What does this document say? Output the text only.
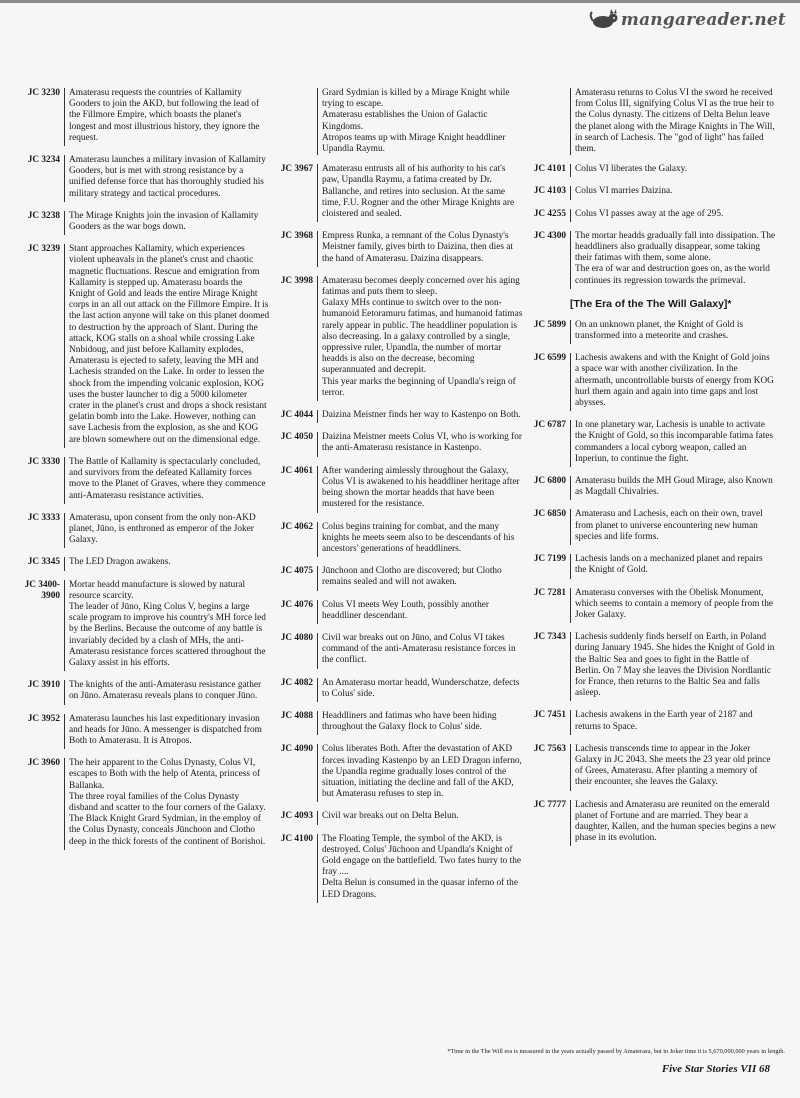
mangareader.net
JC 3230 Amaterasu requests the countries of Kallamity Gooders to join the AKD, but following the lead of the Fillmore Empire, which boasts the planet's longest and most illustrious history, they ignore the request.
JC 3234 Amaterasu launches a military invasion of Kallamity Gooders, but is met with strong resistance by a unified defense force that has thoroughly studied his military strategy and tactical procedures.
JC 3238 The Mirage Knights join the invasion of Kallamity Gooders as the war bogs down.
JC 3239 Stant approaches Kallamity, which experiences violent upheavals in the planet's crust and chaotic magnetic fluctuations. Rescue and emigration from Kallamity is stepped up. Amaterasu boards the Knight of Gold and leads the entire Mirage Knight corps in an all out attack on the Fillmore Empire. It is the last action anyone will take on this planet doomed to destruction by the approach of Slant. During the attack, KOG stalls on a shoal while crossing Lake Nnbidoug, and just before Kallamity explodes, Amaterasu is ejected to safety, leaving the MH and Lachesis stranded on the Lake. In order to lessen the shock from the impending volcanic explosion, KOG uses the buster launcher to dig a 5000 kilometer crater in the planet's crust and drops a shock resistant gelatin bomb into the Lake. However, nothing can save Lachesis from the explosion, as she and KOG are blown somewhere out on the dimensional edge.
JC 3330 The Battle of Kallamity is spectacularly concluded, and survivors from the defeated Kallamity forces move to the Planet of Graves, where they commence anti-Amaterasu resistance activities.
JC 3333 Amaterasu, upon consent from the only non-AKD planet, Jūno, is enthroned as emperor of the Joker Galaxy.
JC 3345 The LED Dragon awakens.
JC 3400-
3900
Mortar headd manufacture is slowed by natural resource scarcity.
The leader of Jūno, King Colus V, begins a large scale program to improve his country's MH force led by the Berlins. Because the outcome of any battle is invariably decided by a clash of MHs, the anti-Amaterasu resistance forces scattered throughout the Galaxy assist in his efforts.
JC 3910 The knights of the anti-Amaterasu resistance gather on Jūno. Amaterasu reveals plans to conquer Jūno.
JC 3952 Amaterasu launches his last expeditionary invasion and heads for Jūno. A messenger is dispatched from Both to Amaterasu. It is Atropos.
JC 3960 The heir apparent to the Colus Dynasty, Colus VI, escapes to Both with the help of Atenta, princess of Ballanka.
The three royal families of the Colus Dynasty disband and scatter to the four corners of the Galaxy.
The Black Knight Grard Sydmian, in the employ of the Colus Dynasty, conceals Jūnchoon and Clotho deep in the thick forests of the continent of Borishoi.
Grard Sydmian is killed by a Mirage Knight while trying to escape.
Amaterasu establishes the Union of Galactic Kingdoms.
Atropos teams up with Mirage Knight headdliner Upandla Raymu.
JC 3967 Amaterasu entrusts all of his authority to his cat's paw, Upandla Raymu, a fatima created by Dr. Ballanche, and retires into seclusion. At the same time, F.U. Rogner and the other Mirage Knights are cloistered and sealed.
JC 3968 Empress Runka, a remnant of the Colus Dynasty's Meistner family, gives birth to Daizina, then dies at the hand of Amaterasu. Daizina disappears.
JC 3998 Amaterasu becomes deeply concerned over his aging fatimas and puts them to sleep.
Galaxy MHs continue to switch over to the non-humanoid Eetoramuru fatimas, and humanoid fatimas rarely appear in public. The headdliner population is also decreasing. In a galaxy controlled by a single, oppressive ruler, Upandla, the number of mortar headds is also on the decrease, becoming superannuated and decrepit.
This year marks the beginning of Upandla's reign of terror.
JC 4044 Daizina Meistner finds her way to Kastenpo on Both.
JC 4050 Daizina Meistner meets Colus VI, who is working for the anti-Amaterasu resistance in Kastenpo.
JC 4061 After wandering aimlessly throughout the Galaxy, Colus VI is awakened to his headdliner heritage after being shown the mortar headds that have been mustered for the resistance.
JC 4062 Colus begins training for combat, and the many knights he meets seem also to be descendants of his ancestors' generations of headdliners.
JC 4075 Jūnchoon and Clotho are discovered; but Clotho remains sealed and will not awaken.
JC 4076 Colus VI meets Wey Louth, possibly another headdliner descendant.
JC 4080 Civil war breaks out on Jūno, and Colus VI takes command of the anti-Amaterasu resistance forces in the conflict.
JC 4082 An Amaterasu mortar headd, Wunderschatze, defects to Colus' side.
JC 4088 Headdliners and fatimas who have been hiding throughout the Galaxy flock to Colus' side.
JC 4090 Colus liberates Both. After the devastation of AKD forces invading Kastenpo by an LED Dragon inferno, the Upandla regime gradually loses control of the situation, initiating the decline and fall of the AKD, but Amaterasu refuses to step in.
JC 4093 Civil war breaks out on Delta Belun.
JC 4100 The Floating Temple, the symbol of the AKD, is destroyed. Colus' Jūchoon and Upandla's Knight of Gold engage on the battlefield. Two fates hurry to the fray ....
Delta Belun is consumed in the quasar inferno of the LED Dragons.
Amaterasu returns to Colus VI the sword he received from Colus III, signifying Colus VI as the true heir to the Colus dynasty. The citizens of Delta Belun leave the planet along with the Mirage Knights in The Will, in search of Lachesis. The "god of light" has failed them.
JC 4101 Colus VI liberates the Galaxy.
JC 4103 Colus VI marries Daizina.
JC 4255 Colus VI passes away at the age of 295.
JC 4300 The mortar headds gradually fall into dissipation. The headdliners also gradually disappear, some taking their fatimas with them, some alone.
The era of war and destruction goes on, as the world continues its regression towards the primeval.
[The Era of the The Will Galaxy]*
JC 5899 On an unknown planet, the Knight of Gold is transformed into a meteorite and crashes.
JC 6599 Lachesis awakens and with the Knight of Gold joins a space war with another civilization. In the aftermath, uncontrollable bursts of energy from KOG hurl them again and again into time gaps and lost abysses.
JC 6787 In one planetary war, Lachesis is unable to activate the Knight of Gold, so this incomparable fatima fates commanders a local cyborg weapon, called an Inperiun, to continue the fight.
JC 6800 Amaterasu builds the MH Goud Mirage, also Known as Magdall Chivalries.
JC 6850 Amaterasu and Lachesis, each on their own, travel from planet to universe encountering new human species and life forms.
JC 7199 Lachesis lands on a mechanized planet and repairs the Knight of Gold.
JC 7281 Amaterasu converses with the Obelisk Monument, which seems to contain a memory of people from the Joker Galaxy.
JC 7343 Lachesis suddenly finds herself on Earth, in Poland during January 1945. She hides the Knight of Gold in the Baltic Sea and goes to fight in the Battle of Berlin. On 7 May she leaves the Division Nordlantic for France, then returns to the Baltic Sea and falls asleep.
JC 7451 Lachesis awakens in the Earth year of 2187 and returns to Space.
JC 7563 Lachesis transcends time to appear in the Joker Galaxy in JC 2043. She meets the 23 year old prince of Grees, Amaterasu. After planting a memory of their encounter, she leaves the Galaxy.
JC 7777 Lachesis and Amaterasu are reunited on the emerald planet of Fortune and are married. They bear a daughter, Kallen, and the human species begins a new phase in its evolution.
*Time in the The Will era is measured in the years actually passed by Amaterasu, but in Joker time it is 5,670,000,000 years in length.
Five Star Stories VII 68
